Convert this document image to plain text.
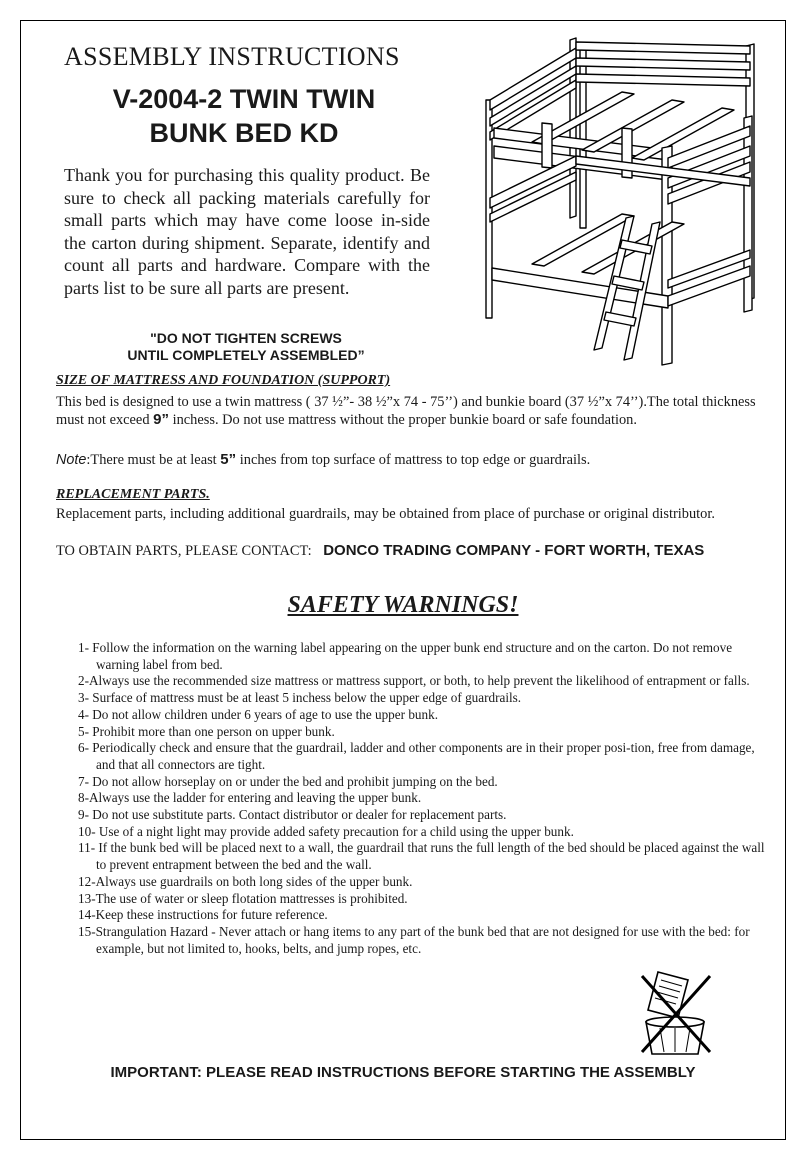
ASSEMBLY INSTRUCTIONS
V-2004-2 TWIN TWIN
BUNK BED KD
Thank you for purchasing this quality product. Be sure to check all packing materials carefully for small parts which may have come loose in-side the carton during shipment. Separate, identify and count all parts and hardware. Compare with the parts list to be sure all parts are present.
"DO NOT TIGHTEN SCREWS
UNTIL COMPLETELY ASSEMBLED”
SIZE OF MATTRESS AND FOUNDATION (SUPPORT)
This bed is designed to use a twin mattress ( 37 ½”- 38 ½”x 74 - 75’’) and bunkie board (37 ½”x 74’’).The total thickness must not exceed 9” inchess. Do not use mattress without the proper bunkie board or safe foundation.
Note:There must be at least 5” inches from top surface of mattress to top edge or guardrails.
REPLACEMENT PARTS.
Replacement parts, including additional guardrails, may be obtained from place of purchase or original distributor.
TO OBTAIN PARTS, PLEASE CONTACT: DONCO TRADING COMPANY - FORT WORTH, TEXAS
SAFETY WARNINGS!
1- Follow the information on the warning label appearing on the upper bunk end structure and on the carton. Do not remove warning label from bed.
2-Always use the recommended size mattress or mattress support, or both, to help prevent the likelihood of entrapment or falls.
3- Surface of mattress must be at least 5 inchess below the upper edge of guardrails.
4- Do not allow children under 6 years of age to use the upper bunk.
5- Prohibit more than one person on upper bunk.
6- Periodically check and ensure that the guardrail, ladder and other components are in their proper posi-tion, free from damage, and that all connectors are tight.
7- Do not allow horseplay on or under the bed and prohibit jumping on the bed.
8-Always use the ladder for entering and leaving the upper bunk.
9- Do not use substitute parts. Contact distributor or dealer for replacement parts.
10- Use of a night light may provide added safety precaution for a child using the upper bunk.
11- If the bunk bed will be placed next to a wall, the guardrail that runs the full length of the bed should be placed against the wall to prevent entrapment between the bed and the wall.
12-Always use guardrails on both long sides of the upper bunk.
13-The use of water or sleep flotation mattresses is prohibited.
14-Keep these instructions for future reference.
15-Strangulation Hazard - Never attach or hang items to any part of the bunk bed that are not designed for use with the bed: for example, but not limited to, hooks, belts, and jump ropes, etc.
IMPORTANT: PLEASE READ INSTRUCTIONS BEFORE STARTING THE ASSEMBLY
